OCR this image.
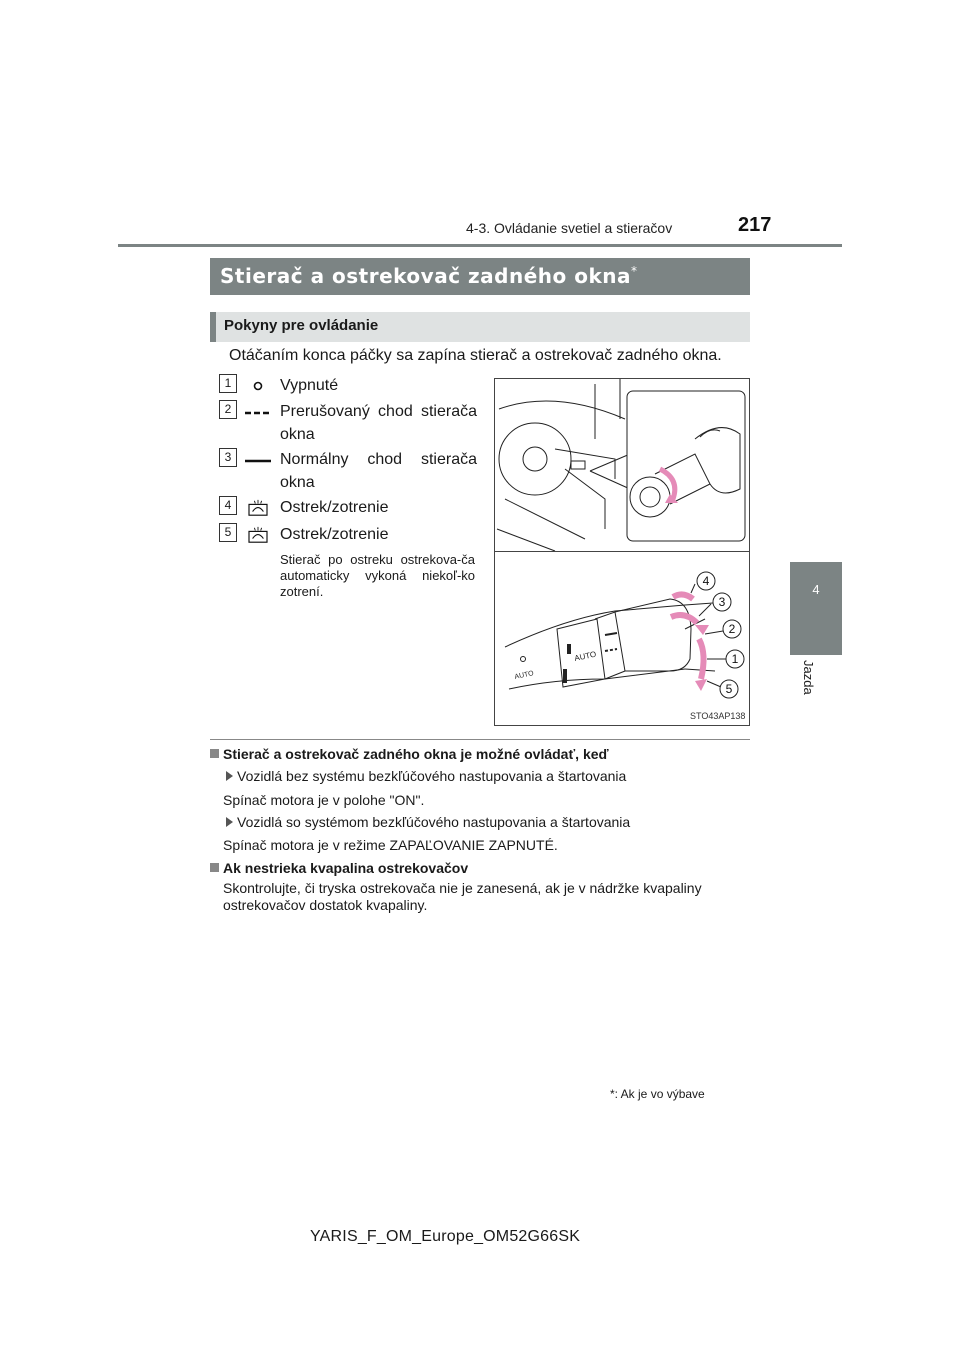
4-3. Ovládanie svetiel a stieračov	217
4
Jazda
Stierač a ostrekovač zadného okna*
Pokyny pre ovládanie
Otáčaním konca páčky sa zapína stierač a ostrekovač zadného okna.
1	Vypnuté
2	Prerušovaný chod stierača okna
3	Normálny chod stierača okna
4	Ostrek/zotrenie
5	Ostrek/zotrenie
Stierač po ostreku ostrekova-ča automaticky vykoná niekoľ-ko zotrení.
AUTO
AUTO
4
3
2
1
5
STO43AP138
Stierač a ostrekovač zadného okna je možné ovládať, keď
Vozidlá bez systému bezkľúčového nastupovania a štartovania
Spínač motora je v polohe "ON".
Vozidlá so systémom bezkľúčového nastupovania a štartovania
Spínač motora je v režime ZAPAĽOVANIE ZAPNUTÉ.
Ak nestrieka kvapalina ostrekovačov
Skontrolujte, či tryska ostrekovača nie je zanesená, ak je v nádržke kvapaliny ostrekovačov dostatok kvapaliny.
*: Ak je vo výbave
YARIS_F_OM_Europe_OM52G66SK
